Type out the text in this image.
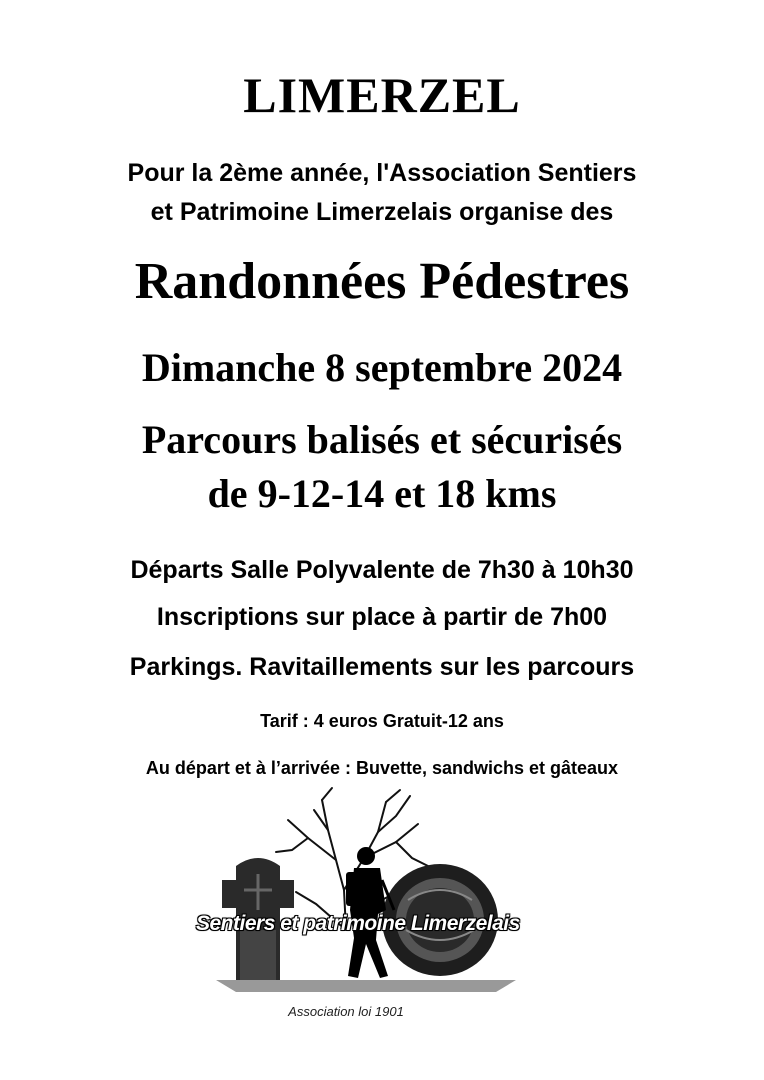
LIMERZEL
Pour la 2ème année, l'Association Sentiers
et Patrimoine Limerzelais organise des
Randonnées Pédestres
Dimanche 8 septembre 2024
Parcours balisés et sécurisés
de 9-12-14 et 18 kms
Départs Salle Polyvalente de 7h30 à 10h30
Inscriptions sur place à partir de 7h00
Parkings. Ravitaillements sur les parcours
Tarif : 4 euros Gratuit-12 ans
Au départ et à l’arrivée : Buvette, sandwichs et gâteaux
Sentiers et patrimoine Limerzelais
Association loi 1901
